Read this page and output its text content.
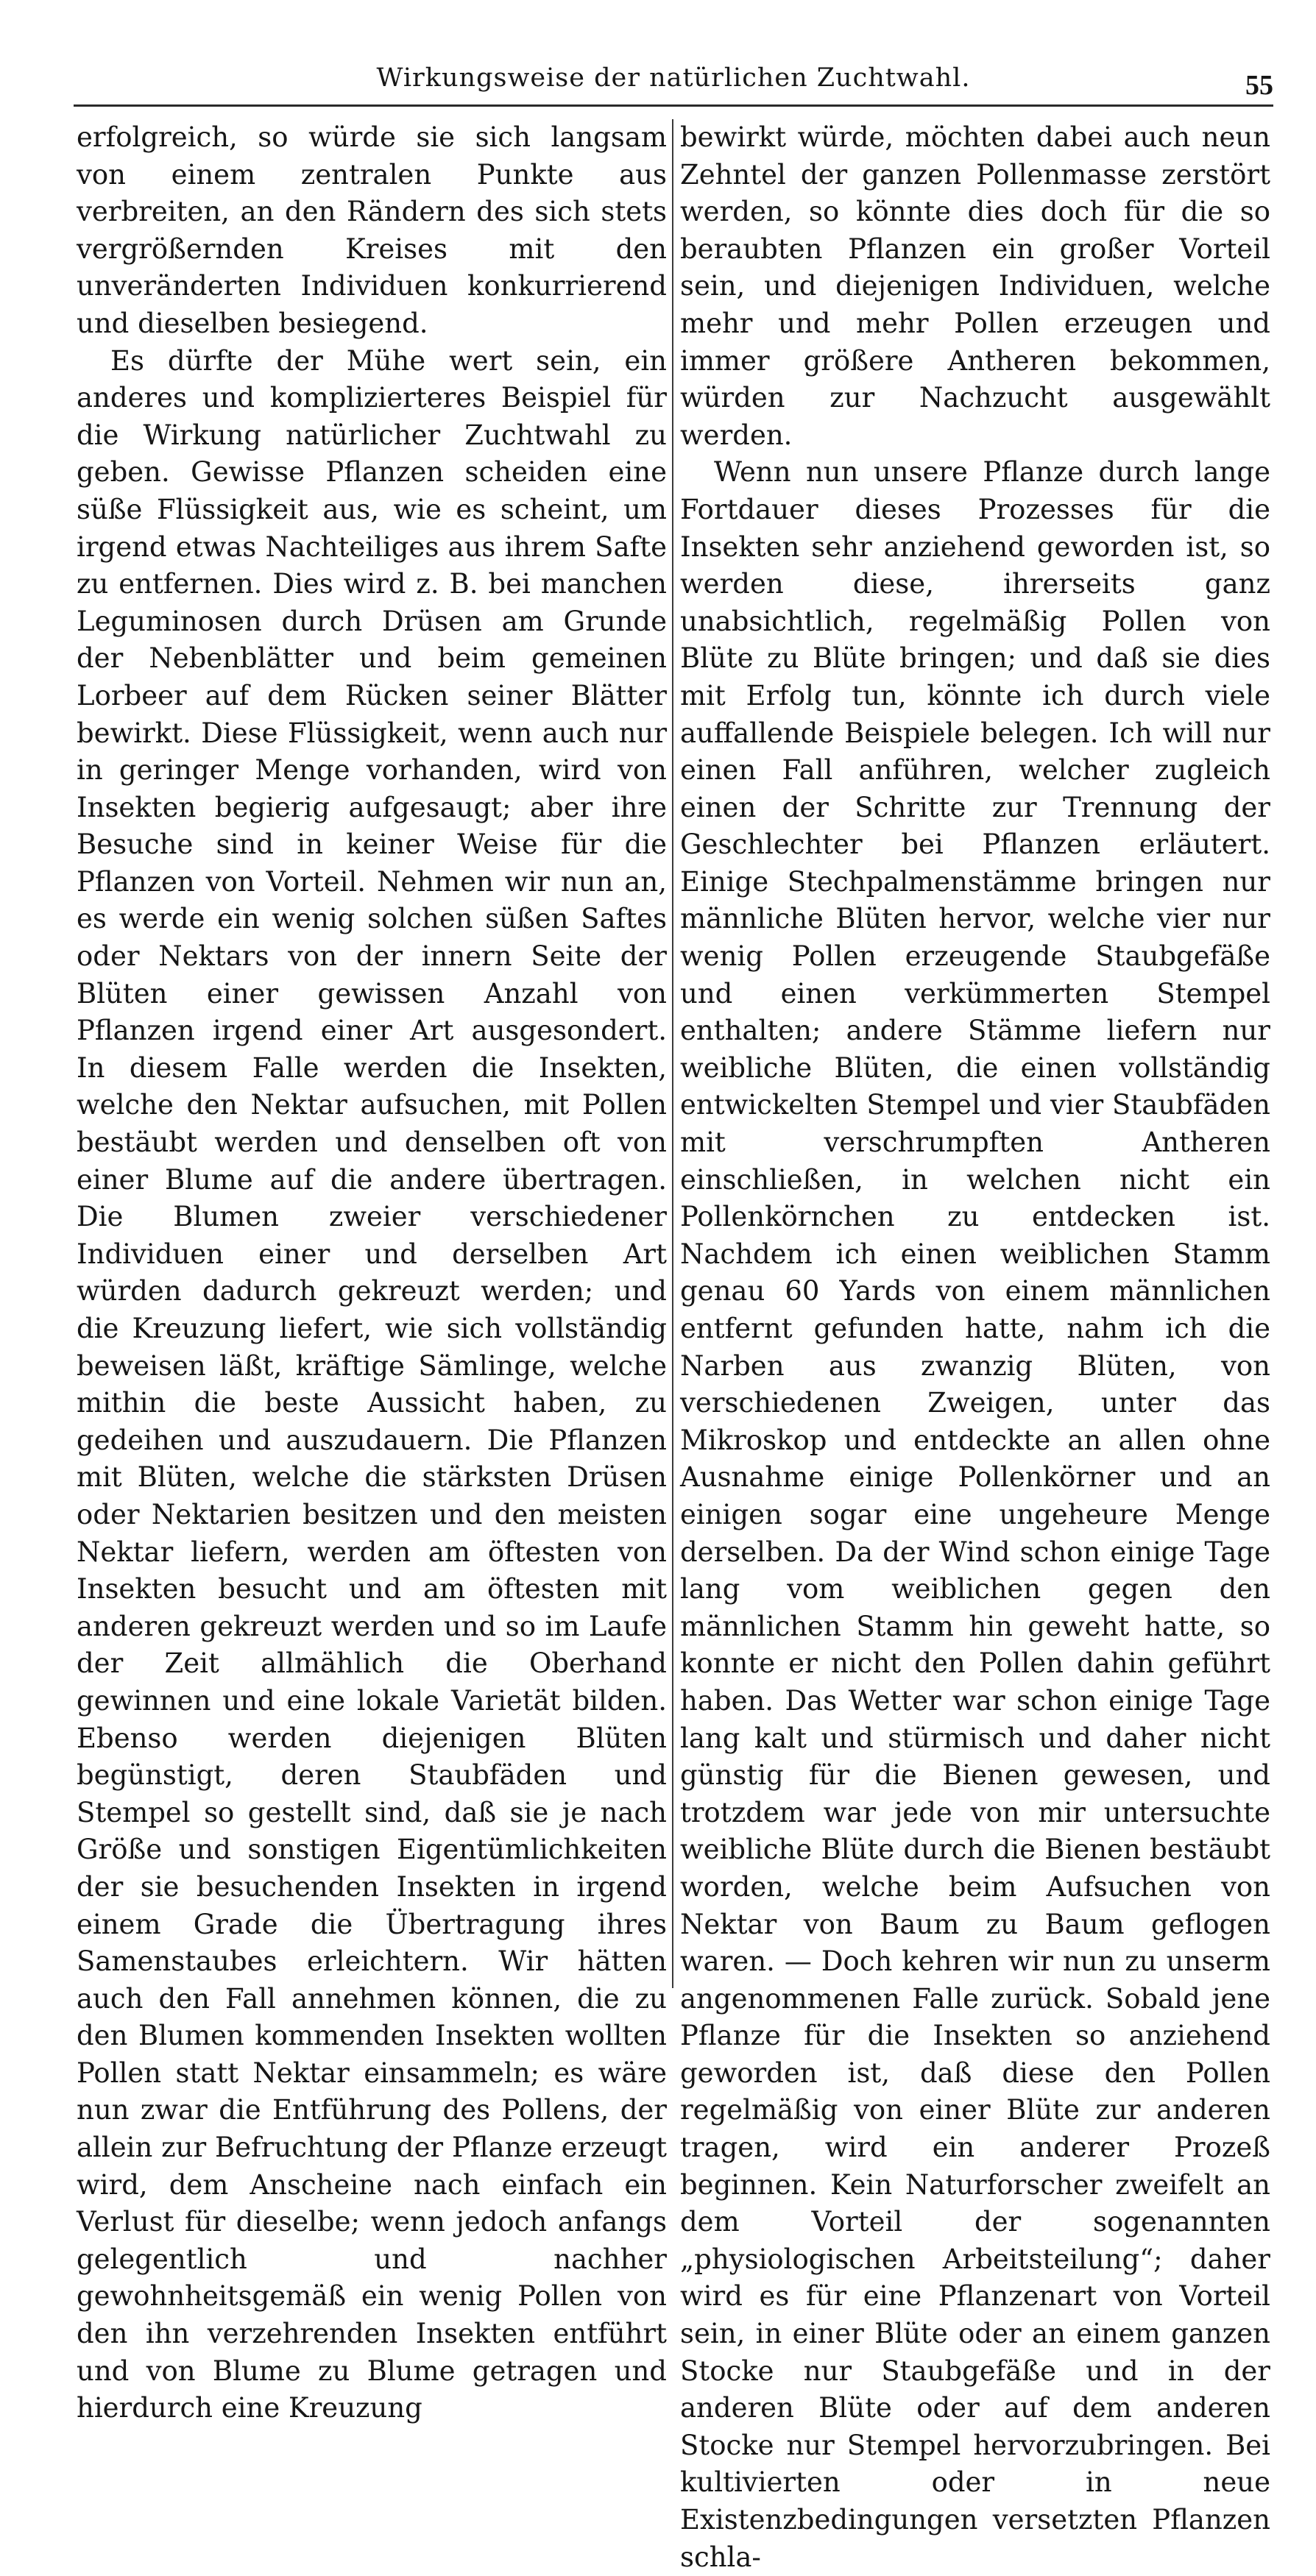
Wirkungsweise der natürlichen Zuchtwahl.	55

erfolgreich, so würde sie sich langsam von einem zentralen Punkte aus verbreiten, an den Rändern des sich stets vergrößernden Kreises mit den unveränderten Individuen konkurrierend und dieselben besiegend.

Es dürfte der Mühe wert sein, ein anderes und komplizierteres Beispiel für die Wirkung natürlicher Zuchtwahl zu geben. Gewisse Pflanzen scheiden eine süße Flüssigkeit aus, wie es scheint, um irgend etwas Nachteiliges aus ihrem Safte zu entfernen. Dies wird z. B. bei manchen Leguminosen durch Drüsen am Grunde der Nebenblätter und beim gemeinen Lorbeer auf dem Rücken seiner Blätter bewirkt. Diese Flüssigkeit, wenn auch nur in geringer Menge vorhanden, wird von Insekten begierig aufgesaugt; aber ihre Besuche sind in keiner Weise für die Pflanzen von Vorteil. Nehmen wir nun an, es werde ein wenig solchen süßen Saftes oder Nektars von der innern Seite der Blüten einer gewissen Anzahl von Pflanzen irgend einer Art ausgesondert. In diesem Falle werden die Insekten, welche den Nektar aufsuchen, mit Pollen bestäubt werden und denselben oft von einer Blume auf die andere übertragen. Die Blumen zweier verschiedener Individuen einer und derselben Art würden dadurch gekreuzt werden; und die Kreuzung liefert, wie sich vollständig beweisen läßt, kräftige Sämlinge, welche mithin die beste Aussicht haben, zu gedeihen und auszudauern. Die Pflanzen mit Blüten, welche die stärksten Drüsen oder Nektarien besitzen und den meisten Nektar liefern, werden am öftesten von Insekten besucht und am öftesten mit anderen gekreuzt werden und so im Laufe der Zeit allmählich die Oberhand gewinnen und eine lokale Varietät bilden. Ebenso werden diejenigen Blüten begünstigt, deren Staubfäden und Stempel so gestellt sind, daß sie je nach Größe und sonstigen Eigentümlichkeiten der sie besuchenden Insekten in irgend einem Grade die Übertragung ihres Samenstaubes erleichtern. Wir hätten auch den Fall annehmen können, die zu den Blumen kommenden Insekten wollten Pollen statt Nektar einsammeln; es wäre nun zwar die Entführung des Pollens, der allein zur Befruchtung der Pflanze erzeugt wird, dem Anscheine nach einfach ein Verlust für dieselbe; wenn jedoch anfangs gelegentlich und nachher gewohnheitsgemäß ein wenig Pollen von den ihn verzehrenden Insekten entführt und von Blume zu Blume getragen und hierdurch eine Kreuzung

bewirkt würde, möchten dabei auch neun Zehntel der ganzen Pollenmasse zerstört werden, so könnte dies doch für die so beraubten Pflanzen ein großer Vorteil sein, und diejenigen Individuen, welche mehr und mehr Pollen erzeugen und immer größere Antheren bekommen, würden zur Nachzucht ausgewählt werden.

Wenn nun unsere Pflanze durch lange Fortdauer dieses Prozesses für die Insekten sehr anziehend geworden ist, so werden diese, ihrerseits ganz unabsichtlich, regelmäßig Pollen von Blüte zu Blüte bringen; und daß sie dies mit Erfolg tun, könnte ich durch viele auffallende Beispiele belegen. Ich will nur einen Fall anführen, welcher zugleich einen der Schritte zur Trennung der Geschlechter bei Pflanzen erläutert. Einige Stechpalmenstämme bringen nur männliche Blüten hervor, welche vier nur wenig Pollen erzeugende Staubgefäße und einen verkümmerten Stempel enthalten; andere Stämme liefern nur weibliche Blüten, die einen vollständig entwickelten Stempel und vier Staubfäden mit verschrumpften Antheren einschließen, in welchen nicht ein Pollenkörnchen zu entdecken ist. Nachdem ich einen weiblichen Stamm genau 60 Yards von einem männlichen entfernt gefunden hatte, nahm ich die Narben aus zwanzig Blüten, von verschiedenen Zweigen, unter das Mikroskop und entdeckte an allen ohne Ausnahme einige Pollenkörner und an einigen sogar eine ungeheure Menge derselben. Da der Wind schon einige Tage lang vom weiblichen gegen den männlichen Stamm hin geweht hatte, so konnte er nicht den Pollen dahin geführt haben. Das Wetter war schon einige Tage lang kalt und stürmisch und daher nicht günstig für die Bienen gewesen, und trotzdem war jede von mir untersuchte weibliche Blüte durch die Bienen bestäubt worden, welche beim Aufsuchen von Nektar von Baum zu Baum geflogen waren. — Doch kehren wir nun zu unserm angenommenen Falle zurück. Sobald jene Pflanze für die Insekten so anziehend geworden ist, daß diese den Pollen regelmäßig von einer Blüte zur anderen tragen, wird ein anderer Prozeß beginnen. Kein Naturforscher zweifelt an dem Vorteil der sogenannten „physiologischen Arbeitsteilung“; daher wird es für eine Pflanzenart von Vorteil sein, in einer Blüte oder an einem ganzen Stocke nur Staubgefäße und in der anderen Blüte oder auf dem anderen Stocke nur Stempel hervorzubringen. Bei kultivierten oder in neue Existenzbedingungen versetzten Pflanzen schla-
